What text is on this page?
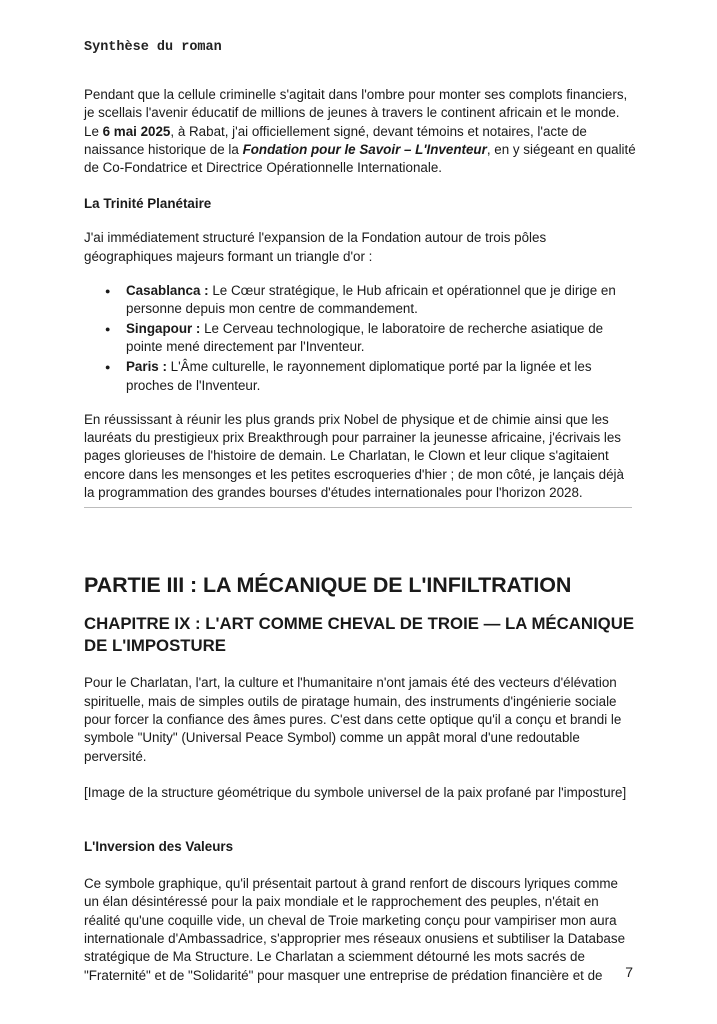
Synthèse du roman

Pendant que la cellule criminelle s'agitait dans l'ombre pour monter ses complots financiers, je scellais l'avenir éducatif de millions de jeunes à travers le continent africain et le monde. Le 6 mai 2025, à Rabat, j'ai officiellement signé, devant témoins et notaires, l'acte de naissance historique de la Fondation pour le Savoir – L'Inventeur, en y siégeant en qualité de Co-Fondatrice et Directrice Opérationnelle Internationale.

La Trinité Planétaire

J'ai immédiatement structuré l'expansion de la Fondation autour de trois pôles géographiques majeurs formant un triangle d'or :

● Casablanca : Le Cœur stratégique, le Hub africain et opérationnel que je dirige en personne depuis mon centre de commandement.
● Singapour : Le Cerveau technologique, le laboratoire de recherche asiatique de pointe mené directement par l'Inventeur.
● Paris : L'Âme culturelle, le rayonnement diplomatique porté par la lignée et les proches de l'Inventeur.

En réussissant à réunir les plus grands prix Nobel de physique et de chimie ainsi que les lauréats du prestigieux prix Breakthrough pour parrainer la jeunesse africaine, j'écrivais les pages glorieuses de l'histoire de demain. Le Charlatan, le Clown et leur clique s'agitaient encore dans les mensonges et les petites escroqueries d'hier ; de mon côté, je lançais déjà la programmation des grandes bourses d'études internationales pour l'horizon 2028.

PARTIE III : LA MÉCANIQUE DE L'INFILTRATION
CHAPITRE IX : L'ART COMME CHEVAL DE TROIE — LA MÉCANIQUE DE L'IMPOSTURE

Pour le Charlatan, l'art, la culture et l'humanitaire n'ont jamais été des vecteurs d'élévation spirituelle, mais de simples outils de piratage humain, des instruments d'ingénierie sociale pour forcer la confiance des âmes pures. C'est dans cette optique qu'il a conçu et brandi le symbole "Unity" (Universal Peace Symbol) comme un appât moral d'une redoutable perversité.

[Image de la structure géométrique du symbole universel de la paix profané par l'imposture]

L'Inversion des Valeurs

Ce symbole graphique, qu'il présentait partout à grand renfort de discours lyriques comme un élan désintéressé pour la paix mondiale et le rapprochement des peuples, n'était en réalité qu'une coquille vide, un cheval de Troie marketing conçu pour vampiriser mon aura internationale d'Ambassadrice, s'approprier mes réseaux onusiens et subtiliser la Database stratégique de Ma Structure. Le Charlatan a sciemment détourné les mots sacrés de "Fraternité" et de "Solidarité" pour masquer une entreprise de prédation financière et de	7
